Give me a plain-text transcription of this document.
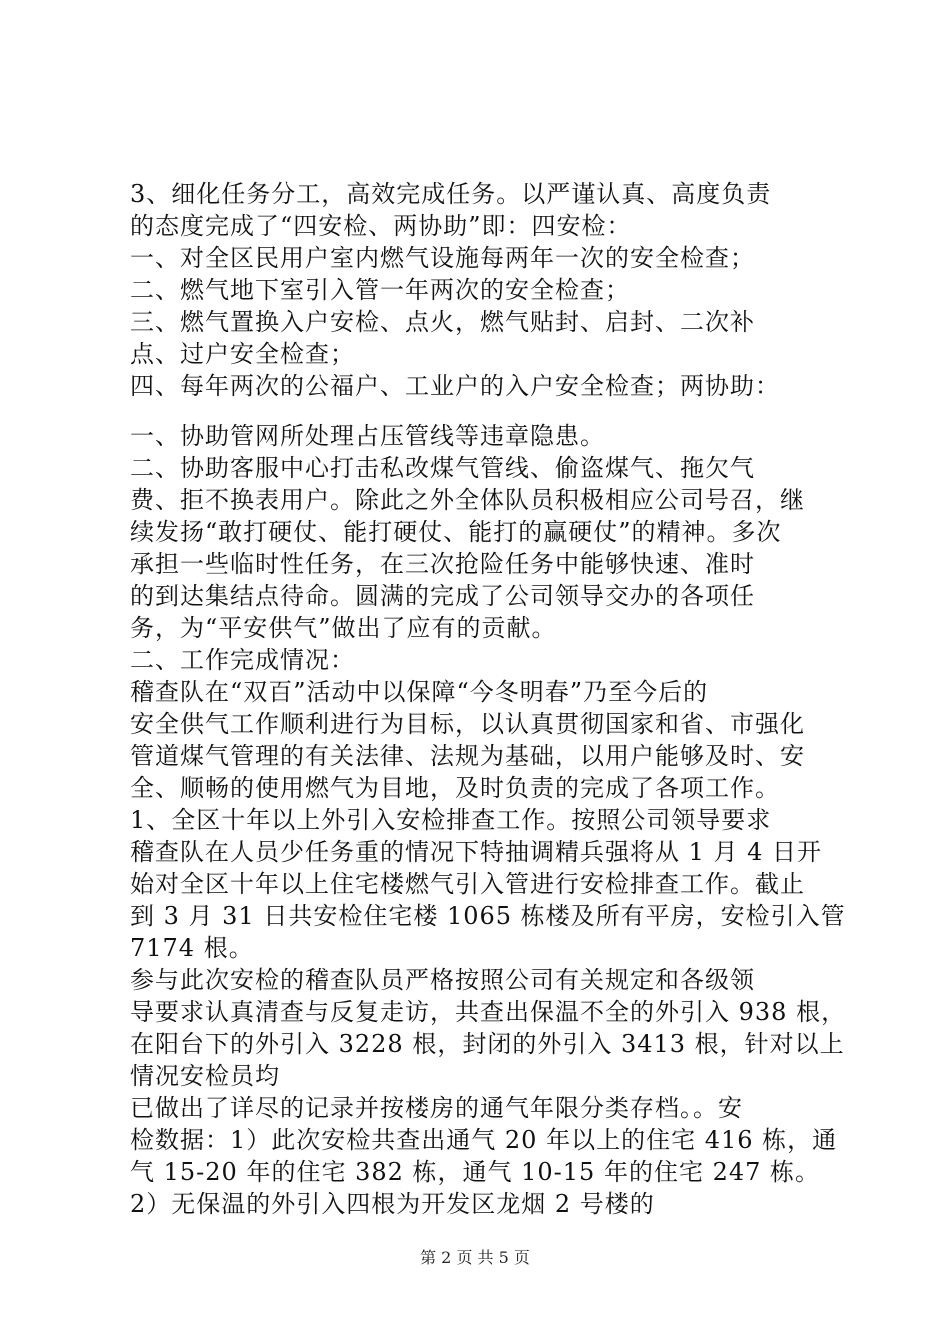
3、细化任务分工，高效完成任务。以严谨认真、高度负责
的态度完成了“四安检、两协助”即：四安检：
一、对全区民用户室内燃气设施每两年一次的安全检查；
二、燃气地下室引入管一年两次的安全检查；
三、燃气置换入户安检、点火，燃气贴封、启封、二次补
点、过户安全检查；
四、每年两次的公福户、工业户的入户安全检查；两协助：
一、协助管网所处理占压管线等违章隐患。
二、协助客服中心打击私改煤气管线、偷盗煤气、拖欠气
费、拒不换表用户。除此之外全体队员积极相应公司号召，继
续发扬“敢打硬仗、能打硬仗、能打的赢硬仗”的精神。多次
承担一些临时性任务，在三次抢险任务中能够快速、准时
的到达集结点待命。圆满的完成了公司领导交办的各项任
务，为“平安供气”做出了应有的贡献。
二、工作完成情况：
稽查队在“双百”活动中以保障“今冬明春”乃至今后的
安全供气工作顺利进行为目标，以认真贯彻国家和省、市强化
管道煤气管理的有关法律、法规为基础，以用户能够及时、安
全、顺畅的使用燃气为目地，及时负责的完成了各项工作。
1、全区十年以上外引入安检排查工作。按照公司领导要求
稽查队在人员少任务重的情况下特抽调精兵强将从 1 月 4 日开
始对全区十年以上住宅楼燃气引入管进行安检排查工作。截止
到 3 月 31 日共安检住宅楼 1065 栋楼及所有平房，安检引入管
7174 根。
参与此次安检的稽查队员严格按照公司有关规定和各级领
导要求认真清查与反复走访，共查出保温不全的外引入 938 根，
在阳台下的外引入 3228 根，封闭的外引入 3413 根，针对以上
情况安检员均
已做出了详尽的记录并按楼房的通气年限分类存档。。安
检数据：1）此次安检共查出通气 20 年以上的住宅 416 栋，通
气 15-20 年的住宅 382 栋，通气 10-15 年的住宅 247 栋。
2）无保温的外引入四根为开发区龙烟 2 号楼的
第 2 页 共 5 页
